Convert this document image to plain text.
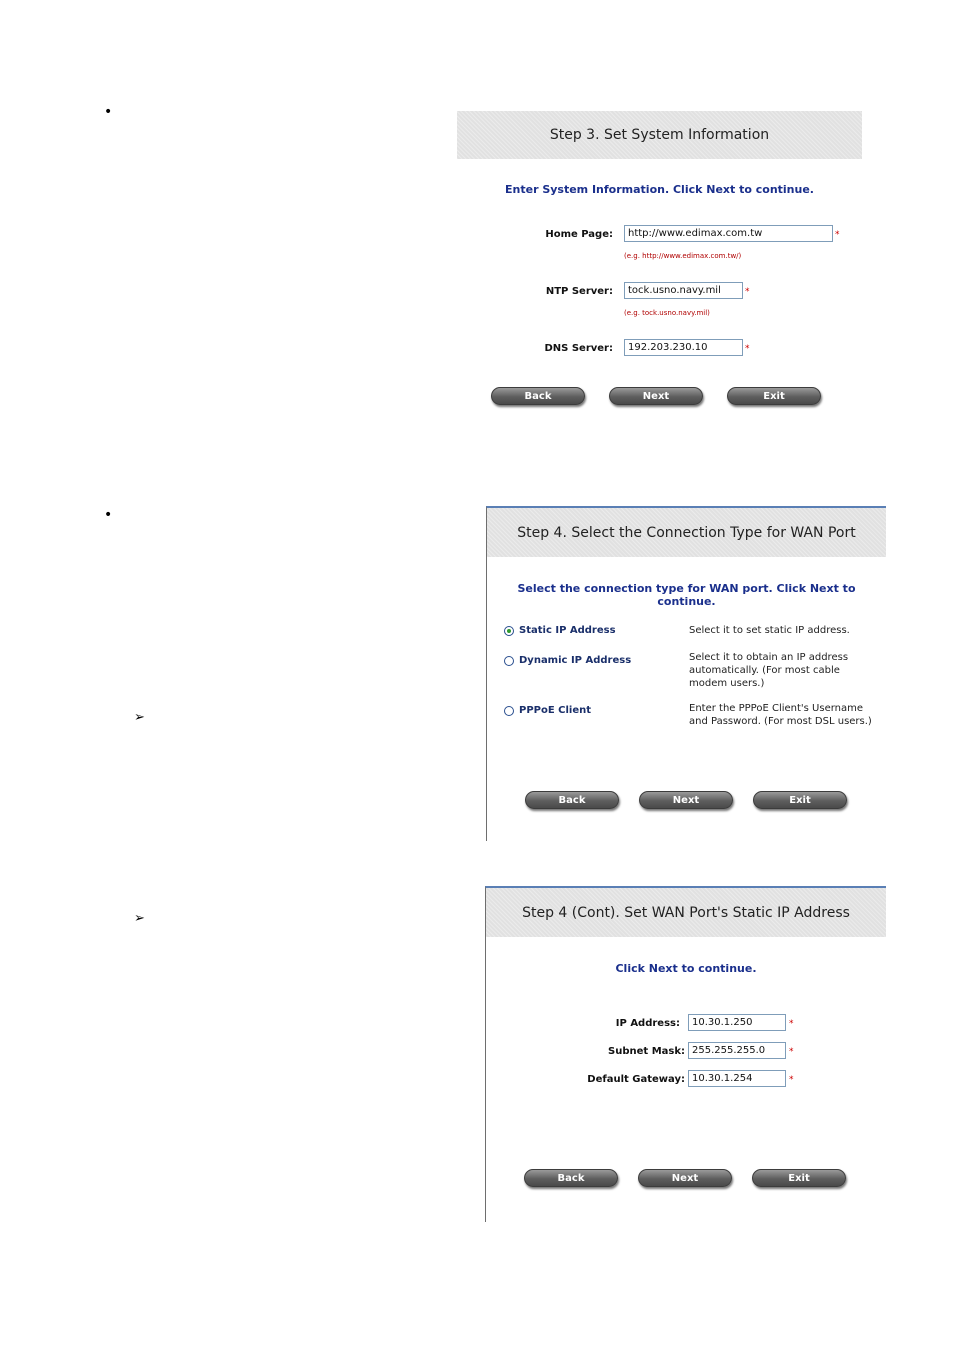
•
•
➢
➢
Step 3. Set System Information
Enter System Information. Click Next to continue.
Home Page:	http://www.edimax.com.tw	*
(e.g. http://www.edimax.com.tw/)
NTP Server:	tock.usno.navy.mil	*
(e.g. tock.usno.navy.mil)
DNS Server:	192.203.230.10	*
Back	Next	Exit
Step 4. Select the Connection Type for WAN Port
Select the connection type for WAN port. Click Next to continue.
Static IP Address	Select it to set static IP address.
Dynamic IP Address	Select it to obtain an IP address automatically. (For most cable modem users.)
PPPoE Client	Enter the PPPoE Client's Username and Password. (For most DSL users.)
Back	Next	Exit
Step 4 (Cont). Set WAN Port's Static IP Address
Click Next to continue.
IP Address:	10.30.1.250	*
Subnet Mask: 255.255.255.0	*
Default Gateway: 10.30.1.254	*
Back	Next	Exit
